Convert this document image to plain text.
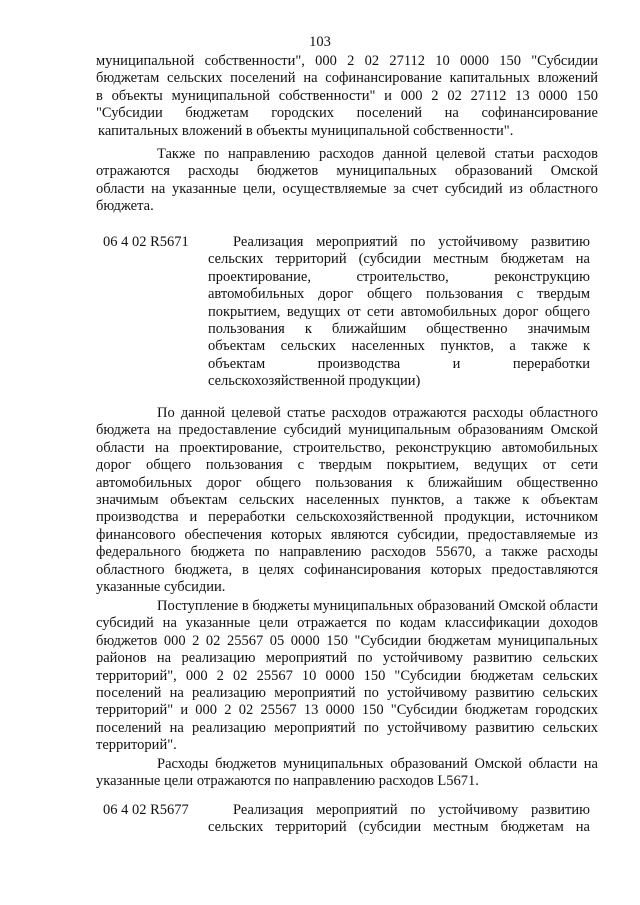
103
муниципальной собственности", 000 2 02 27112 10 0000 150 "Субсидии
бюджетам сельских поселений на софинансирование капитальных вложений
в объекты муниципальной собственности" и 000 2 02 27112 13 0000 150
"Субсидии бюджетам городских поселений на софинансирование
капитальных вложений в объекты муниципальной собственности".
Также по направлению расходов данной целевой статьи расходов
отражаются расходы бюджетов муниципальных образований Омской
области на указанные цели, осуществляемые за счет субсидий из областного
бюджета.
06 4 02 R5671	Реализация мероприятий по устойчивому развитию
сельских территорий (субсидии местным бюджетам на
проектирование, строительство, реконструкцию
автомобильных дорог общего пользования с твердым
покрытием, ведущих от сети автомобильных дорог общего
пользования к ближайшим общественно значимым
объектам сельских населенных пунктов, а также к
объектам производства и переработки
сельскохозяйственной продукции)
По данной целевой статье расходов отражаются расходы областного
бюджета на предоставление субсидий муниципальным образованиям Омской
области на проектирование, строительство, реконструкцию автомобильных
дорог общего пользования с твердым покрытием, ведущих от сети
автомобильных дорог общего пользования к ближайшим общественно
значимым объектам сельских населенных пунктов, а также к объектам
производства и переработки сельскохозяйственной продукции, источником
финансового обеспечения которых являются субсидии, предоставляемые из
федерального бюджета по направлению расходов 55670, а также расходы
областного бюджета, в целях софинансирования которых предоставляются
указанные субсидии.
Поступление в бюджеты муниципальных образований Омской области
субсидий на указанные цели отражается по кодам классификации доходов
бюджетов 000 2 02 25567 05 0000 150 "Субсидии бюджетам муниципальных
районов на реализацию мероприятий по устойчивому развитию сельских
территорий", 000 2 02 25567 10 0000 150 "Субсидии бюджетам сельских
поселений на реализацию мероприятий по устойчивому развитию сельских
территорий" и 000 2 02 25567 13 0000 150 "Субсидии бюджетам городских
поселений на реализацию мероприятий по устойчивому развитию сельских
территорий".
Расходы бюджетов муниципальных образований Омской области на
указанные цели отражаются по направлению расходов L5671.
06 4 02 R5677	Реализация мероприятий по устойчивому развитию
сельских территорий (субсидии местным бюджетам на
